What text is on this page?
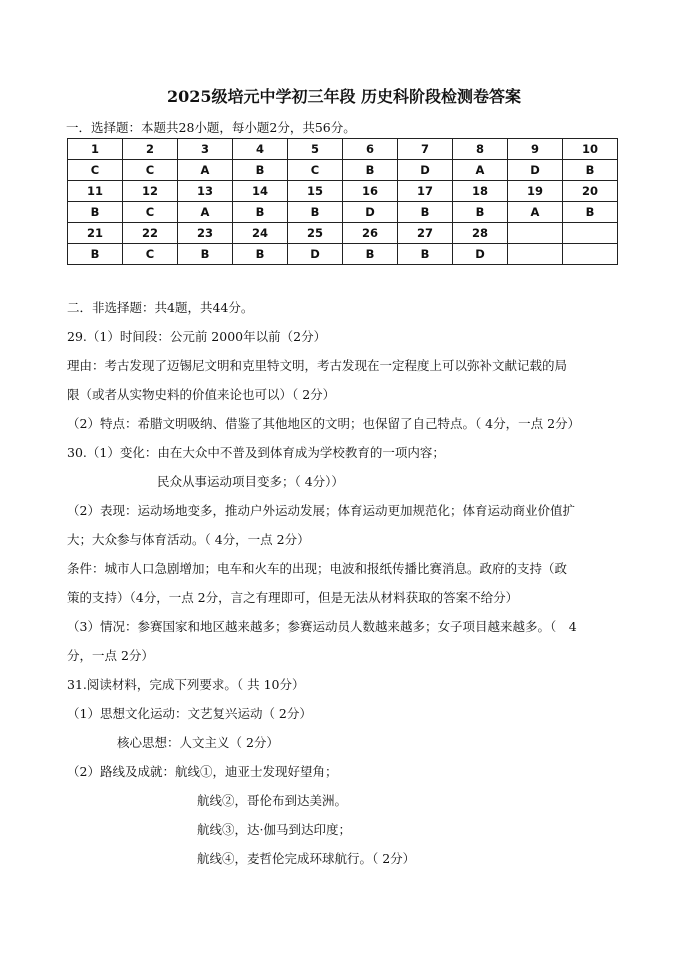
2025级培元中学初三年段 历史科阶段检测卷答案
一．选择题：本题共28小题，每小题2分，共56分。
1	2	3	4	5	6	7	8	9	10
C	C	A	B	C	B	D	A	D	B
11	12	13	14	15	16	17	18	19	20
B	C	A	B	B	D	B	B	A	B
21	22	23	24	25	26	27	28		
B	C	B	B	D	B	B	D		
二．非选择题：共4题，共44分。
29.（1）时间段：公元前 2000年以前（2分）
理由：考古发现了迈锡尼文明和克里特文明，考古发现在一定程度上可以弥补文献记载的局
限（或者从实物史料的价值来论也可以）（ 2分）
（2）特点：希腊文明吸纳、借鉴了其他地区的文明；也保留了自己特点。（ 4分，一点 2分）
30.（1）变化：由在大众中不普及到体育成为学校教育的一项内容；
民众从事运动项目变多；（ 4分））
（2）表现：运动场地变多，推动户外运动发展；体育运动更加规范化；体育运动商业价值扩
大；大众参与体育活动。（ 4分，一点 2分）
条件：城市人口急剧增加；电车和火车的出现；电波和报纸传播比赛消息。政府的支持（政
策的支持）（4分，一点 2分，言之有理即可，但是无法从材料获取的答案不给分）
（3）情况：参赛国家和地区越来越多；参赛运动员人数越来越多；女子项目越来越多。（　4
分，一点 2分）
31.阅读材料，完成下列要求。（ 共 10分）
（1）思想文化运动：文艺复兴运动（ 2分）
核心思想：人文主义（ 2分）
（2）路线及成就：航线①，迪亚士发现好望角；
航线②，哥伦布到达美洲。
航线③，达·伽马到达印度；
航线④，麦哲伦完成环球航行。（ 2分）
